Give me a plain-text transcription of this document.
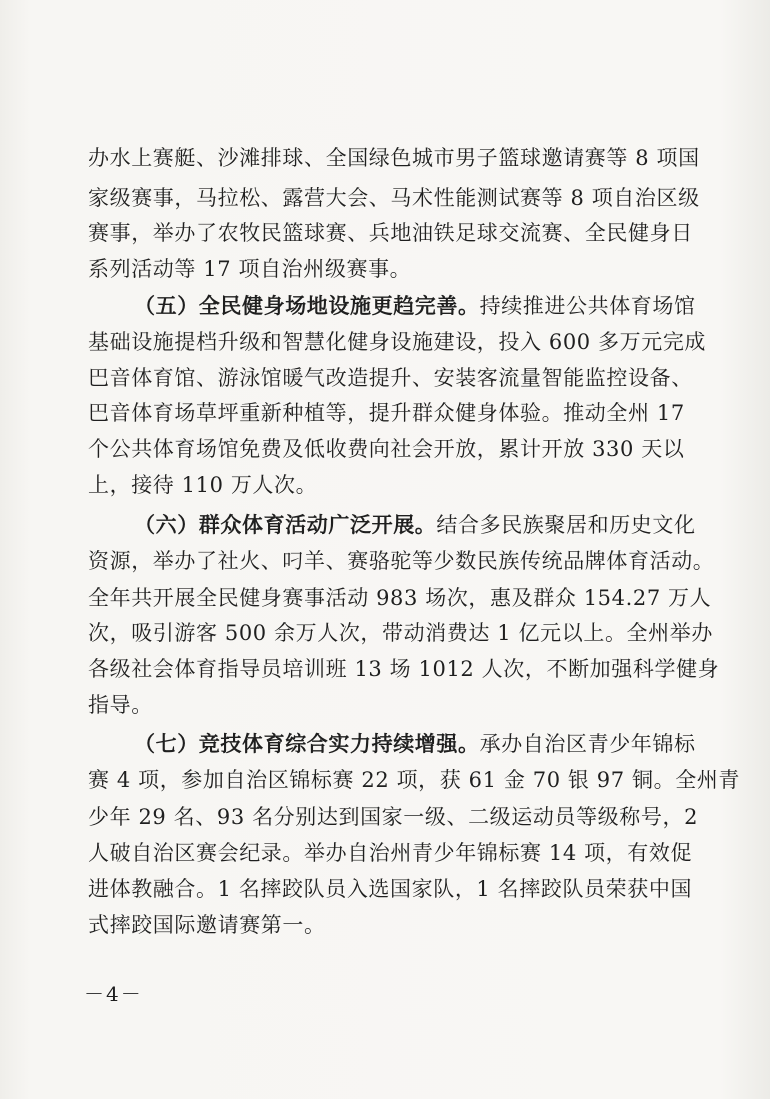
办水上赛艇、沙滩排球、全国绿色城市男子篮球邀请赛等 8 项国
家级赛事，马拉松、露营大会、马术性能测试赛等 8 项自治区级
赛事，举办了农牧民篮球赛、兵地油铁足球交流赛、全民健身日
系列活动等 17 项自治州级赛事。
（五）全民健身场地设施更趋完善。持续推进公共体育场馆
基础设施提档升级和智慧化健身设施建设，投入 600 多万元完成
巴音体育馆、游泳馆暖气改造提升、安装客流量智能监控设备、
巴音体育场草坪重新种植等，提升群众健身体验。推动全州 17
个公共体育场馆免费及低收费向社会开放，累计开放 330 天以
上，接待 110 万人次。
（六）群众体育活动广泛开展。结合多民族聚居和历史文化
资源，举办了社火、叼羊、赛骆驼等少数民族传统品牌体育活动。
全年共开展全民健身赛事活动 983 场次，惠及群众 154.27 万人
次，吸引游客 500 余万人次，带动消费达 1 亿元以上。全州举办
各级社会体育指导员培训班 13 场 1012 人次，不断加强科学健身
指导。
（七）竞技体育综合实力持续增强。承办自治区青少年锦标
赛 4 项，参加自治区锦标赛 22 项，获 61 金 70 银 97 铜。全州青
少年 29 名、93 名分别达到国家一级、二级运动员等级称号，2
人破自治区赛会纪录。举办自治州青少年锦标赛 14 项，有效促
进体教融合。1 名摔跤队员入选国家队，1 名摔跤队员荣获中国
式摔跤国际邀请赛第一。
－4－
